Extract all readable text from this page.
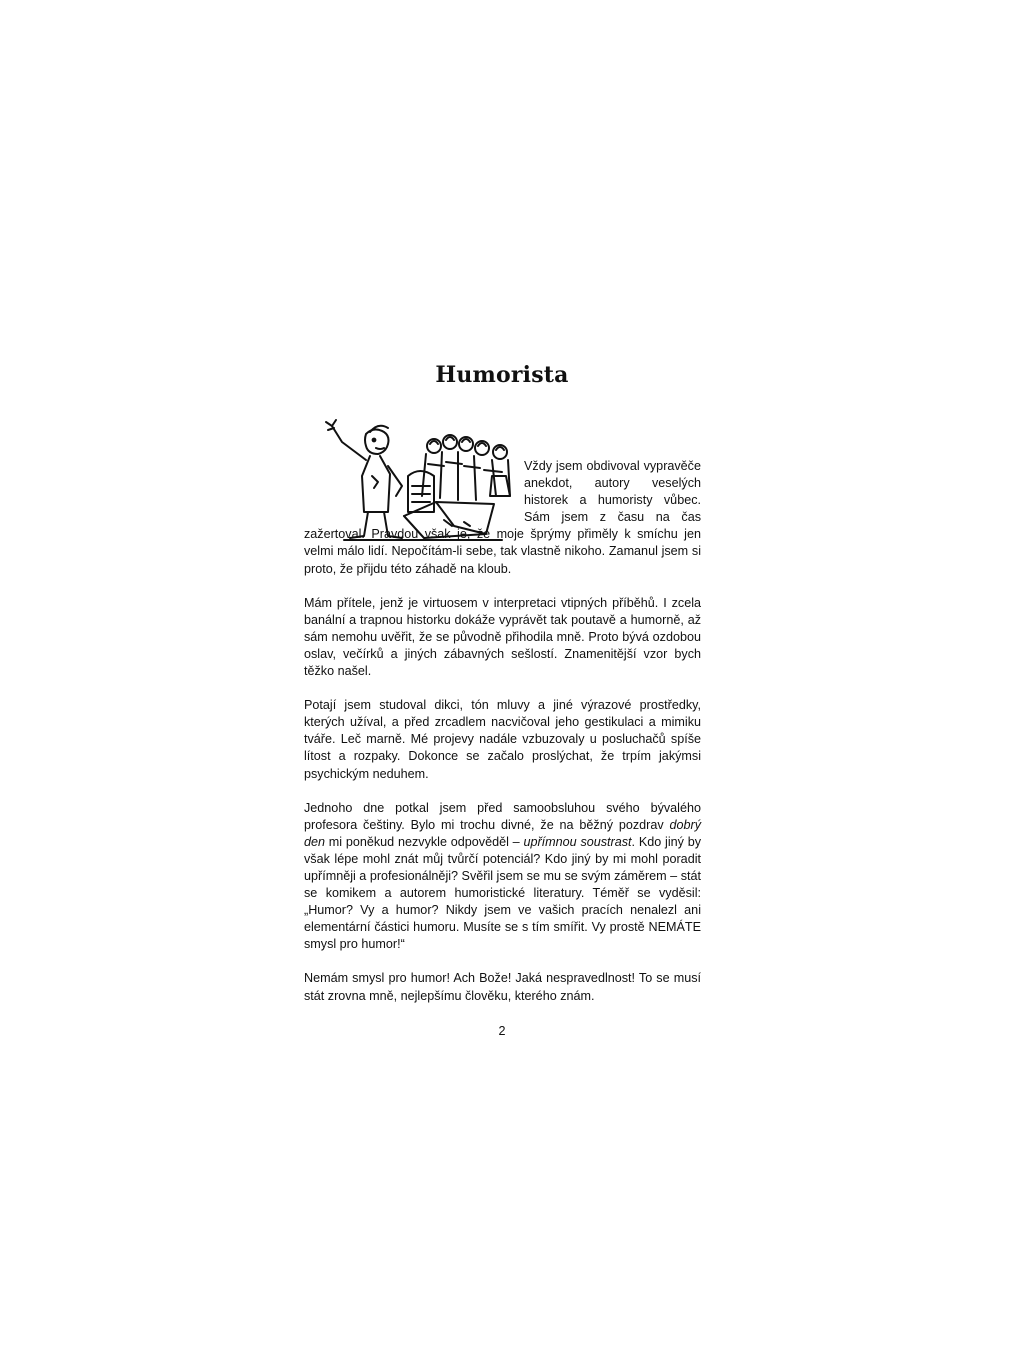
Humorista

Vždy jsem obdivoval vypravěče anekdot, autory veselých historek a humoristy vůbec. Sám jsem z času na čas zažertoval. Pravdou však je, že moje šprýmy přiměly k smíchu jen velmi málo lidí. Nepočítám-li sebe, tak vlastně nikoho. Zamanul jsem si proto, že přijdu této záhadě na kloub.

Mám přítele, jenž je virtuosem v interpretaci vtipných příběhů. I zcela banální a trapnou historku dokáže vyprávět tak poutavě a humorně, až sám nemohu uvěřit, že se původně přihodila mně. Proto bývá ozdobou oslav, večírků a jiných zábavných sešlostí. Znamenitější vzor bych těžko našel.

Potají jsem studoval dikci, tón mluvy a jiné výrazové prostředky, kterých užíval, a před zrcadlem nacvičoval jeho gestikulaci a mimiku tváře. Leč marně. Mé projevy nadále vzbuzovaly u posluchačů spíše lítost a rozpaky. Dokonce se začalo proslýchat, že trpím jakýmsi psychickým neduhem.

Jednoho dne potkal jsem před samoobsluhou svého bývalého profesora češtiny. Bylo mi trochu divné, že na běžný pozdrav dobrý den mi poněkud nezvykle odpověděl – upřímnou soustrast. Kdo jiný by však lépe mohl znát můj tvůrčí potenciál? Kdo jiný by mi mohl poradit upřímněji a profesionálněji? Svěřil jsem se mu se svým záměrem – stát se komikem a autorem humoristické literatury. Téměř se vyděsil: „Humor? Vy a humor? Nikdy jsem ve vašich pracích nenalezl ani elementární částici humoru. Musíte se s tím smířit. Vy prostě NEMÁTE smysl pro humor!“

Nemám smysl pro humor! Ach Bože! Jaká nespravedlnost! To se musí stát zrovna mně, nejlepšímu člověku, kterého znám.

2
